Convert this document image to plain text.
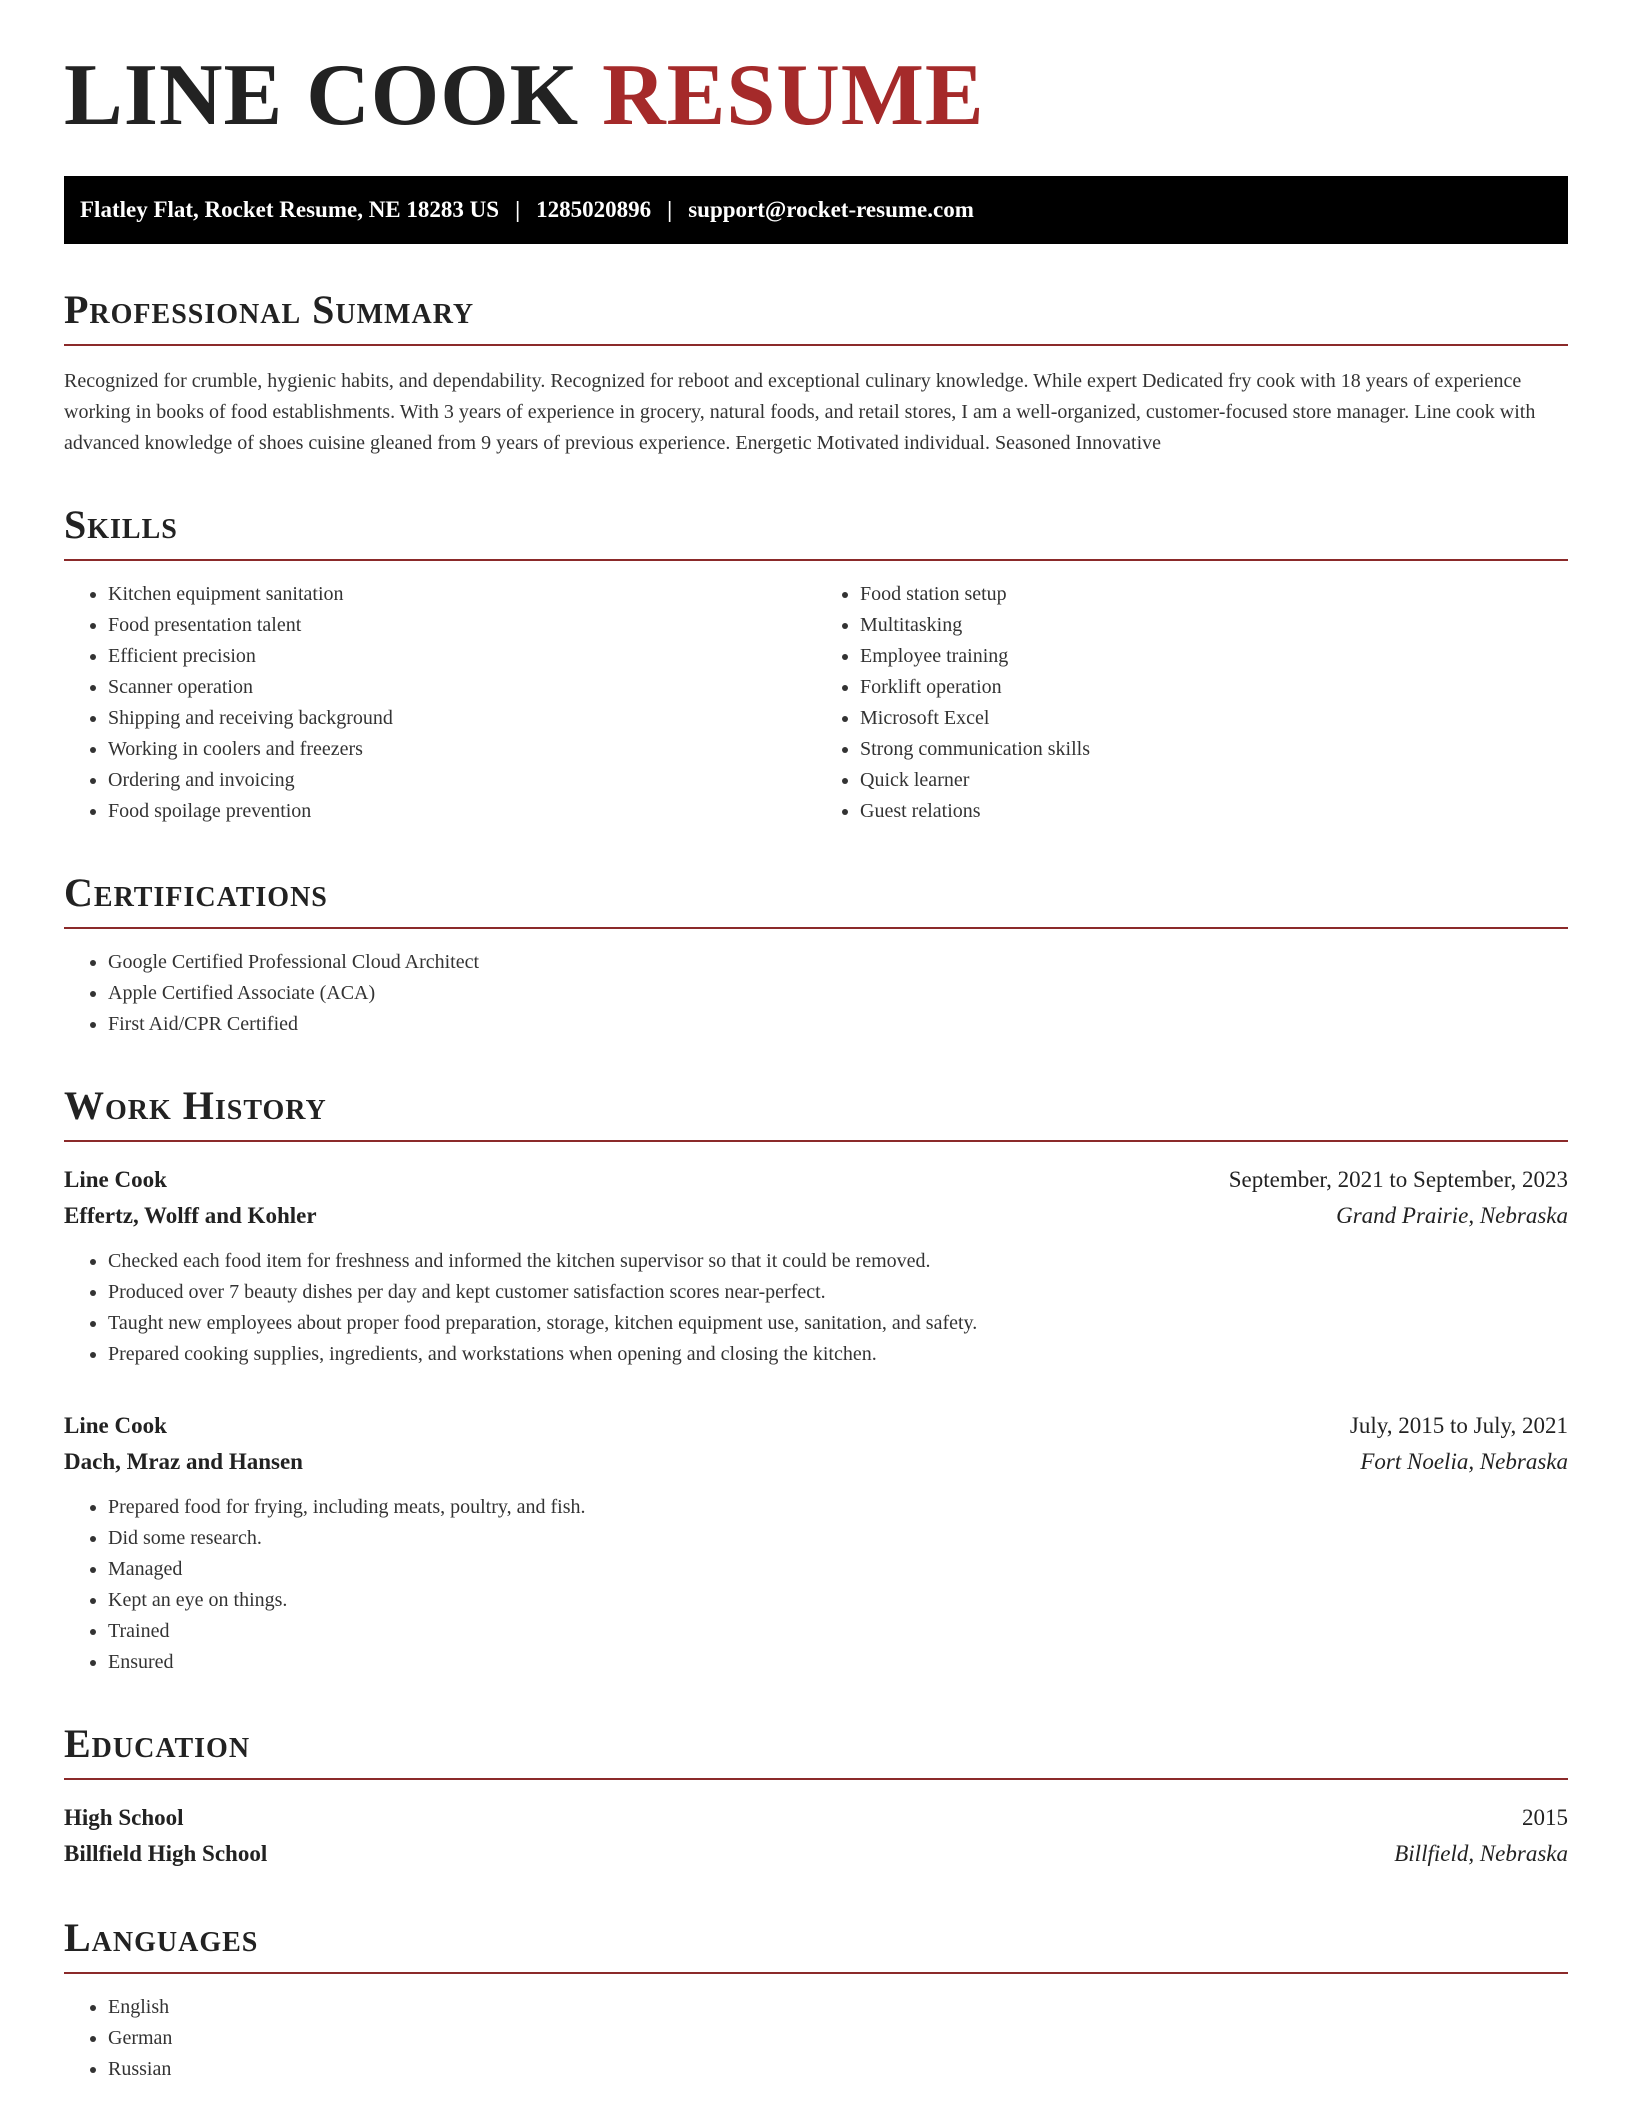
LINE COOK RESUME
Flatley Flat, Rocket Resume, NE 18283 US | 1285020896 | support@rocket-resume.com
Professional Summary

Recognized for crumble, hygienic habits, and dependability. Recognized for reboot and exceptional culinary knowledge. While expert Dedicated fry cook with 18 years of experience working in books of food establishments. With 3 years of experience in grocery, natural foods, and retail stores, I am a well-organized, customer-focused store manager. Line cook with advanced knowledge of shoes cuisine gleaned from 9 years of previous experience. Energetic Motivated individual. Seasoned Innovative

Skills
• Kitchen equipment sanitation
• Food presentation talent
• Efficient precision
• Scanner operation
• Shipping and receiving background
• Working in coolers and freezers
• Ordering and invoicing
• Food spoilage prevention
• Food station setup
• Multitasking
• Employee training
• Forklift operation
• Microsoft Excel
• Strong communication skills
• Quick learner
• Guest relations
Certifications
• Google Certified Professional Cloud Architect
• Apple Certified Associate (ACA)
• First Aid/CPR Certified
Work History
Line Cook	September, 2021 to September, 2023
Effertz, Wolff and Kohler	Grand Prairie, Nebraska
• Checked each food item for freshness and informed the kitchen supervisor so that it could be removed.
• Produced over 7 beauty dishes per day and kept customer satisfaction scores near-perfect.
• Taught new employees about proper food preparation, storage, kitchen equipment use, sanitation, and safety.
• Prepared cooking supplies, ingredients, and workstations when opening and closing the kitchen.
Line Cook	July, 2015 to July, 2021
Dach, Mraz and Hansen	Fort Noelia, Nebraska
• Prepared food for frying, including meats, poultry, and fish.
• Did some research.
• Managed
• Kept an eye on things.
• Trained
• Ensured
Education
High School	2015
Billfield High School	Billfield, Nebraska
Languages
• English
• German
• Russian
